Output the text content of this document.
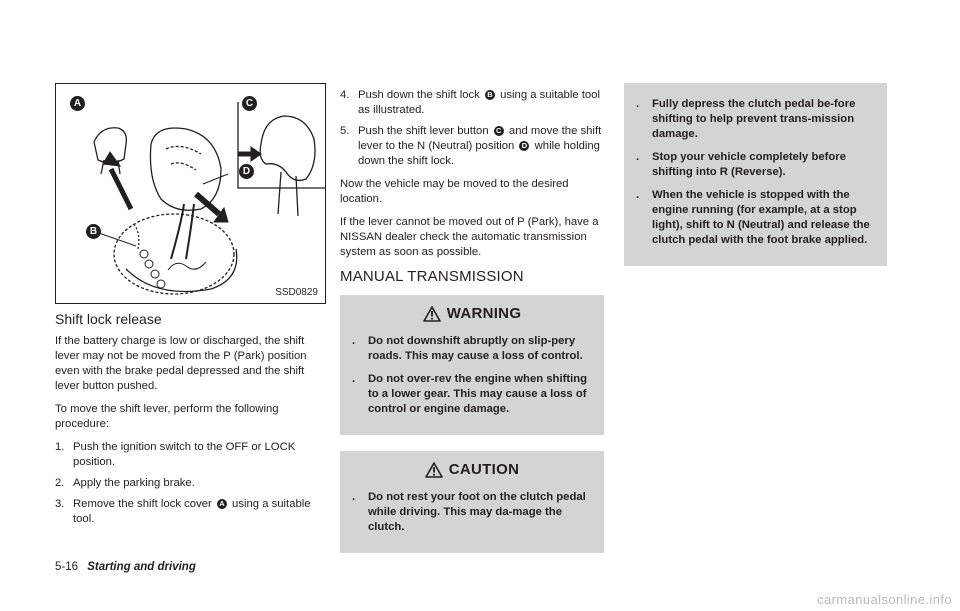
A	C
D
B
SSD0829
Shift lock release

If the battery charge is low or discharged, the shift lever may not be moved from the P (Park) position even with the brake pedal depressed and the shift lever button pushed.

To move the shift lever, perform the following procedure:

1. Push the ignition switch to the OFF or LOCK position.
2. Apply the parking brake.
3. Remove the shift lock cover A using a suitable tool.
4. Push down the shift lock B using a suitable tool as illustrated.
5. Push the shift lever button C and move the shift lever to the N (Neutral) position D while holding down the shift lock.

Now the vehicle may be moved to the desired location.

If the lever cannot be moved out of P (Park), have a NISSAN dealer check the automatic transmission system as soon as possible.

MANUAL TRANSMISSION
WARNING
. Do not downshift abruptly on slip-pery roads. This may cause a loss of control.
. Do not over-rev the engine when shifting to a lower gear. This may cause a loss of control or engine damage.
CAUTION
. Do not rest your foot on the clutch pedal while driving. This may da-mage the clutch.
. Fully depress the clutch pedal be-fore shifting to help prevent trans-mission damage.
. Stop your vehicle completely before shifting into R (Reverse).
. When the vehicle is stopped with the engine running (for example, at a stop light), shift to N (Neutral) and release the clutch pedal with the foot brake applied.
5-16 Starting and driving
carmanualsonline.info
